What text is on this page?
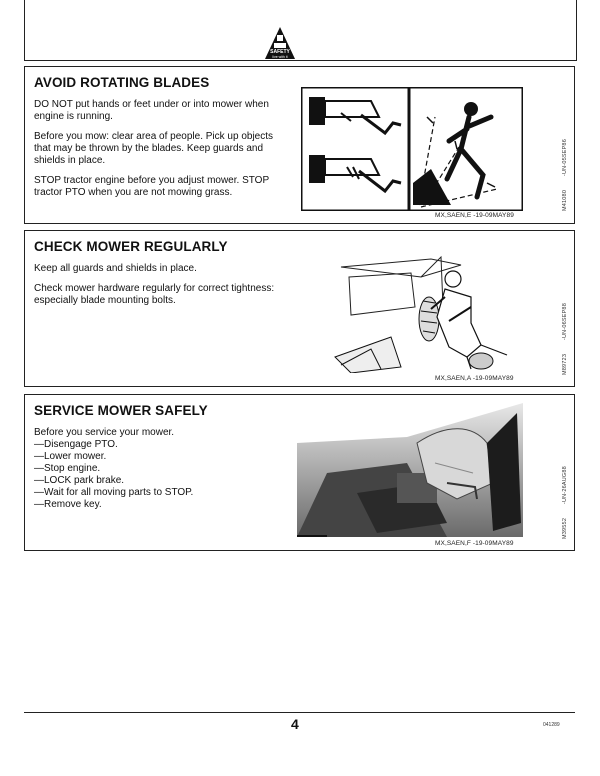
SAFETY
live with it
AVOID ROTATING BLADES

DO NOT put hands or feet under or into mower when engine is running.

Before you mow: clear area of people. Pick up objects that may be thrown by the blades. Keep guards and shields in place.

STOP tractor engine before you adjust mower. STOP tractor PTO when you are not mowing grass.	M41080        -UN-05SEP86
MX,SAEN,E -19-09MAY89
CHECK MOWER REGULARLY

Keep all guards and shields in place.

Check mower hardware regularly for correct tightness: especially blade mounting bolts.

M89723        -UN-06SEP88
MX,SAEN,A -19-09MAY89
SERVICE MOWER SAFELY
Before you service your mower.
—Disengage PTO.
—Lower mower.
—Stop engine.
—LOCK park brake.
—Wait for all moving parts to STOP.
—Remove key.
M39552        -UN-26AUG88
MX,SAEN,F -19-09MAY89
4	041289
